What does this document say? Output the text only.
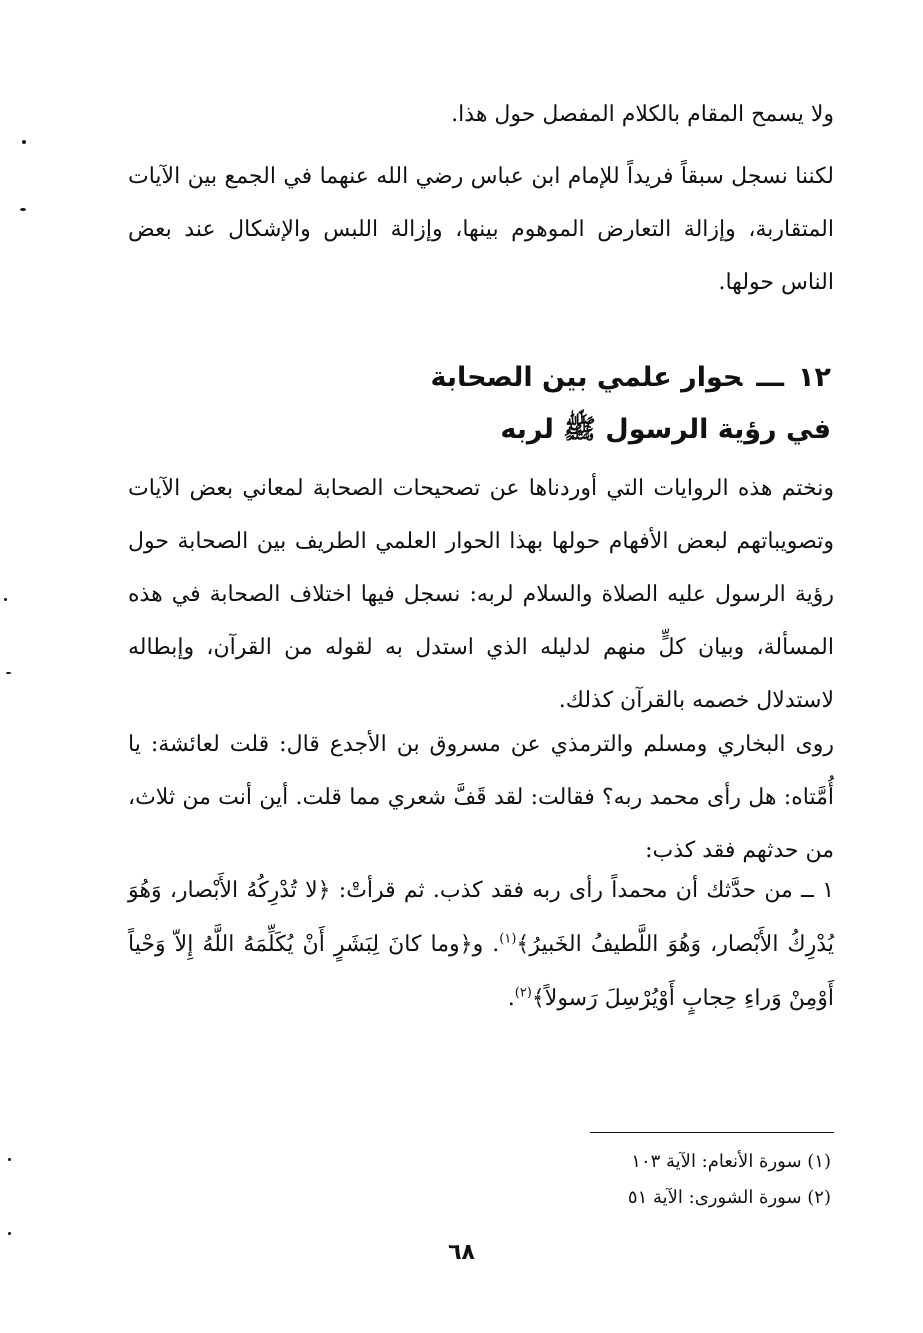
ولا يسمح المقام بالكلام المفصل حول هذا.

لكننا نسجل سبقاً فريداً للإمام ابن عباس رضي الله عنهما في الجمع بين الآيات المتقاربة، وإزالة التعارض الموهوم بينها، وإزالة اللبس والإشكال عند بعض الناس حولها.

١٢ـــحوار علمي بين الصحابة
في رؤية الرسول ﷺ لربه

ونختم هذه الروايات التي أوردناها عن تصحيحات الصحابة لمعاني بعض الآيات وتصويباتهم لبعض الأفهام حولها بهذا الحوار العلمي الطريف بين الصحابة حول رؤية الرسول عليه الصلاة والسلام لربه: نسجل فيها اختلاف الصحابة في هذه المسألة، وبيان كلٍّ منهم لدليله الذي استدل به لقوله من القرآن، وإبطاله لاستدلال خصمه بالقرآن كذلك.

روى البخاري ومسلم والترمذي عن مسروق بن الأجدع قال: قلت لعائشة: يا أُمَّتاه: هل رأى محمد ربه؟ فقالت: لقد قَفَّ شعري مما قلت. أين أنت من ثلاث، من حدثهم فقد كذب:

١ ــ من حدَّثك أن محمداً رأى ربه فقد كذب. ثم قرأتْ: ﴿لا تُدْرِكُهُ الأَبْصار، وَهُوَ يُدْرِكُ الأَبْصار، وَهُوَ اللَّطيفُ الخَبيرُ﴾$^{(١)}$. و﴿وما كانَ لِبَشَرٍ أَنْ يُكَلِّمَهُ اللَّهُ إِلاّ وَحْياً أَوْمِنْ وَراءِ حِجابٍ أَوْيُرْسِلَ رَسولاً﴾$^{(٢)}$.

(١) سورة الأنعام: الآية ١٠٣
(٢) سورة الشورى: الآية ٥١
٦٨
